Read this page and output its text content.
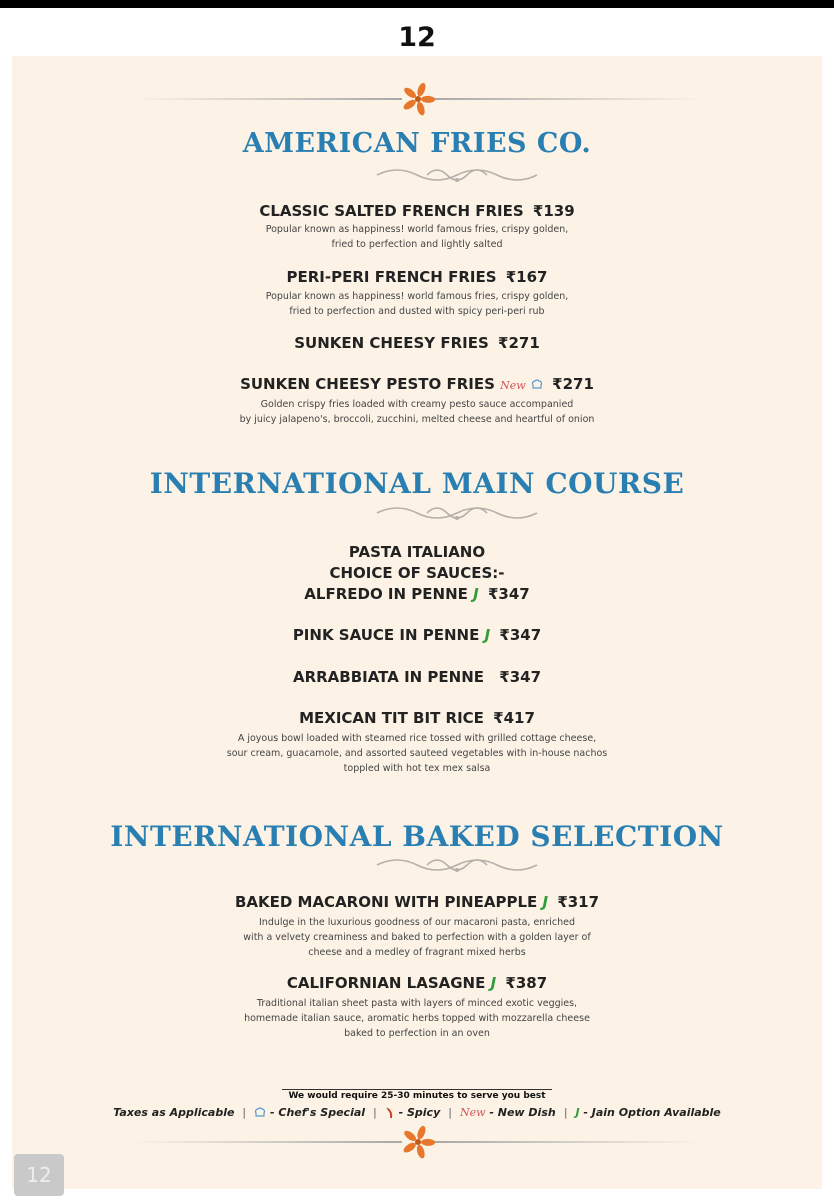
12
AMERICAN FRIES CO.
CLASSIC SALTED FRENCH FRIES ₹139
Popular known as happiness! world famous fries, crispy golden,
fried to perfection and lightly salted
PERI-PERI FRENCH FRIES ₹167
Popular known as happiness! world famous fries, crispy golden,
fried to perfection and dusted with spicy peri-peri rub
SUNKEN CHEESY FRIES ₹271
SUNKEN CHEESY PESTO FRIES New ₹271
Golden crispy fries loaded with creamy pesto sauce accompanied
by juicy jalapeno's, broccoli, zucchini, melted cheese and heartful of onion
INTERNATIONAL MAIN COURSE
PASTA ITALIANO
CHOICE OF SAUCES:-
ALFREDO IN PENNE J ₹347
PINK SAUCE IN PENNE J ₹347
ARRABBIATA IN PENNE ₹347
MEXICAN TIT BIT RICE ₹417
A joyous bowl loaded with steamed rice tossed with grilled cottage cheese,
sour cream, guacamole, and assorted sauteed vegetables with in-house nachos
toppled with hot tex mex salsa
INTERNATIONAL BAKED SELECTION
BAKED MACARONI WITH PINEAPPLE J ₹317
Indulge in the luxurious goodness of our macaroni pasta, enriched
with a velvety creaminess and baked to perfection with a golden layer of
cheese and a medley of fragrant mixed herbs
CALIFORNIAN LASAGNE J ₹387
Traditional italian sheet pasta with layers of minced exotic veggies,
homemade italian sauce, aromatic herbs topped with mozzarella cheese
baked to perfection in an oven
We would require 25-30 minutes to serve you best
Taxes as Applicable | - Chef's Special | - Spicy | New - New Dish | J - Jain Option Available
12
